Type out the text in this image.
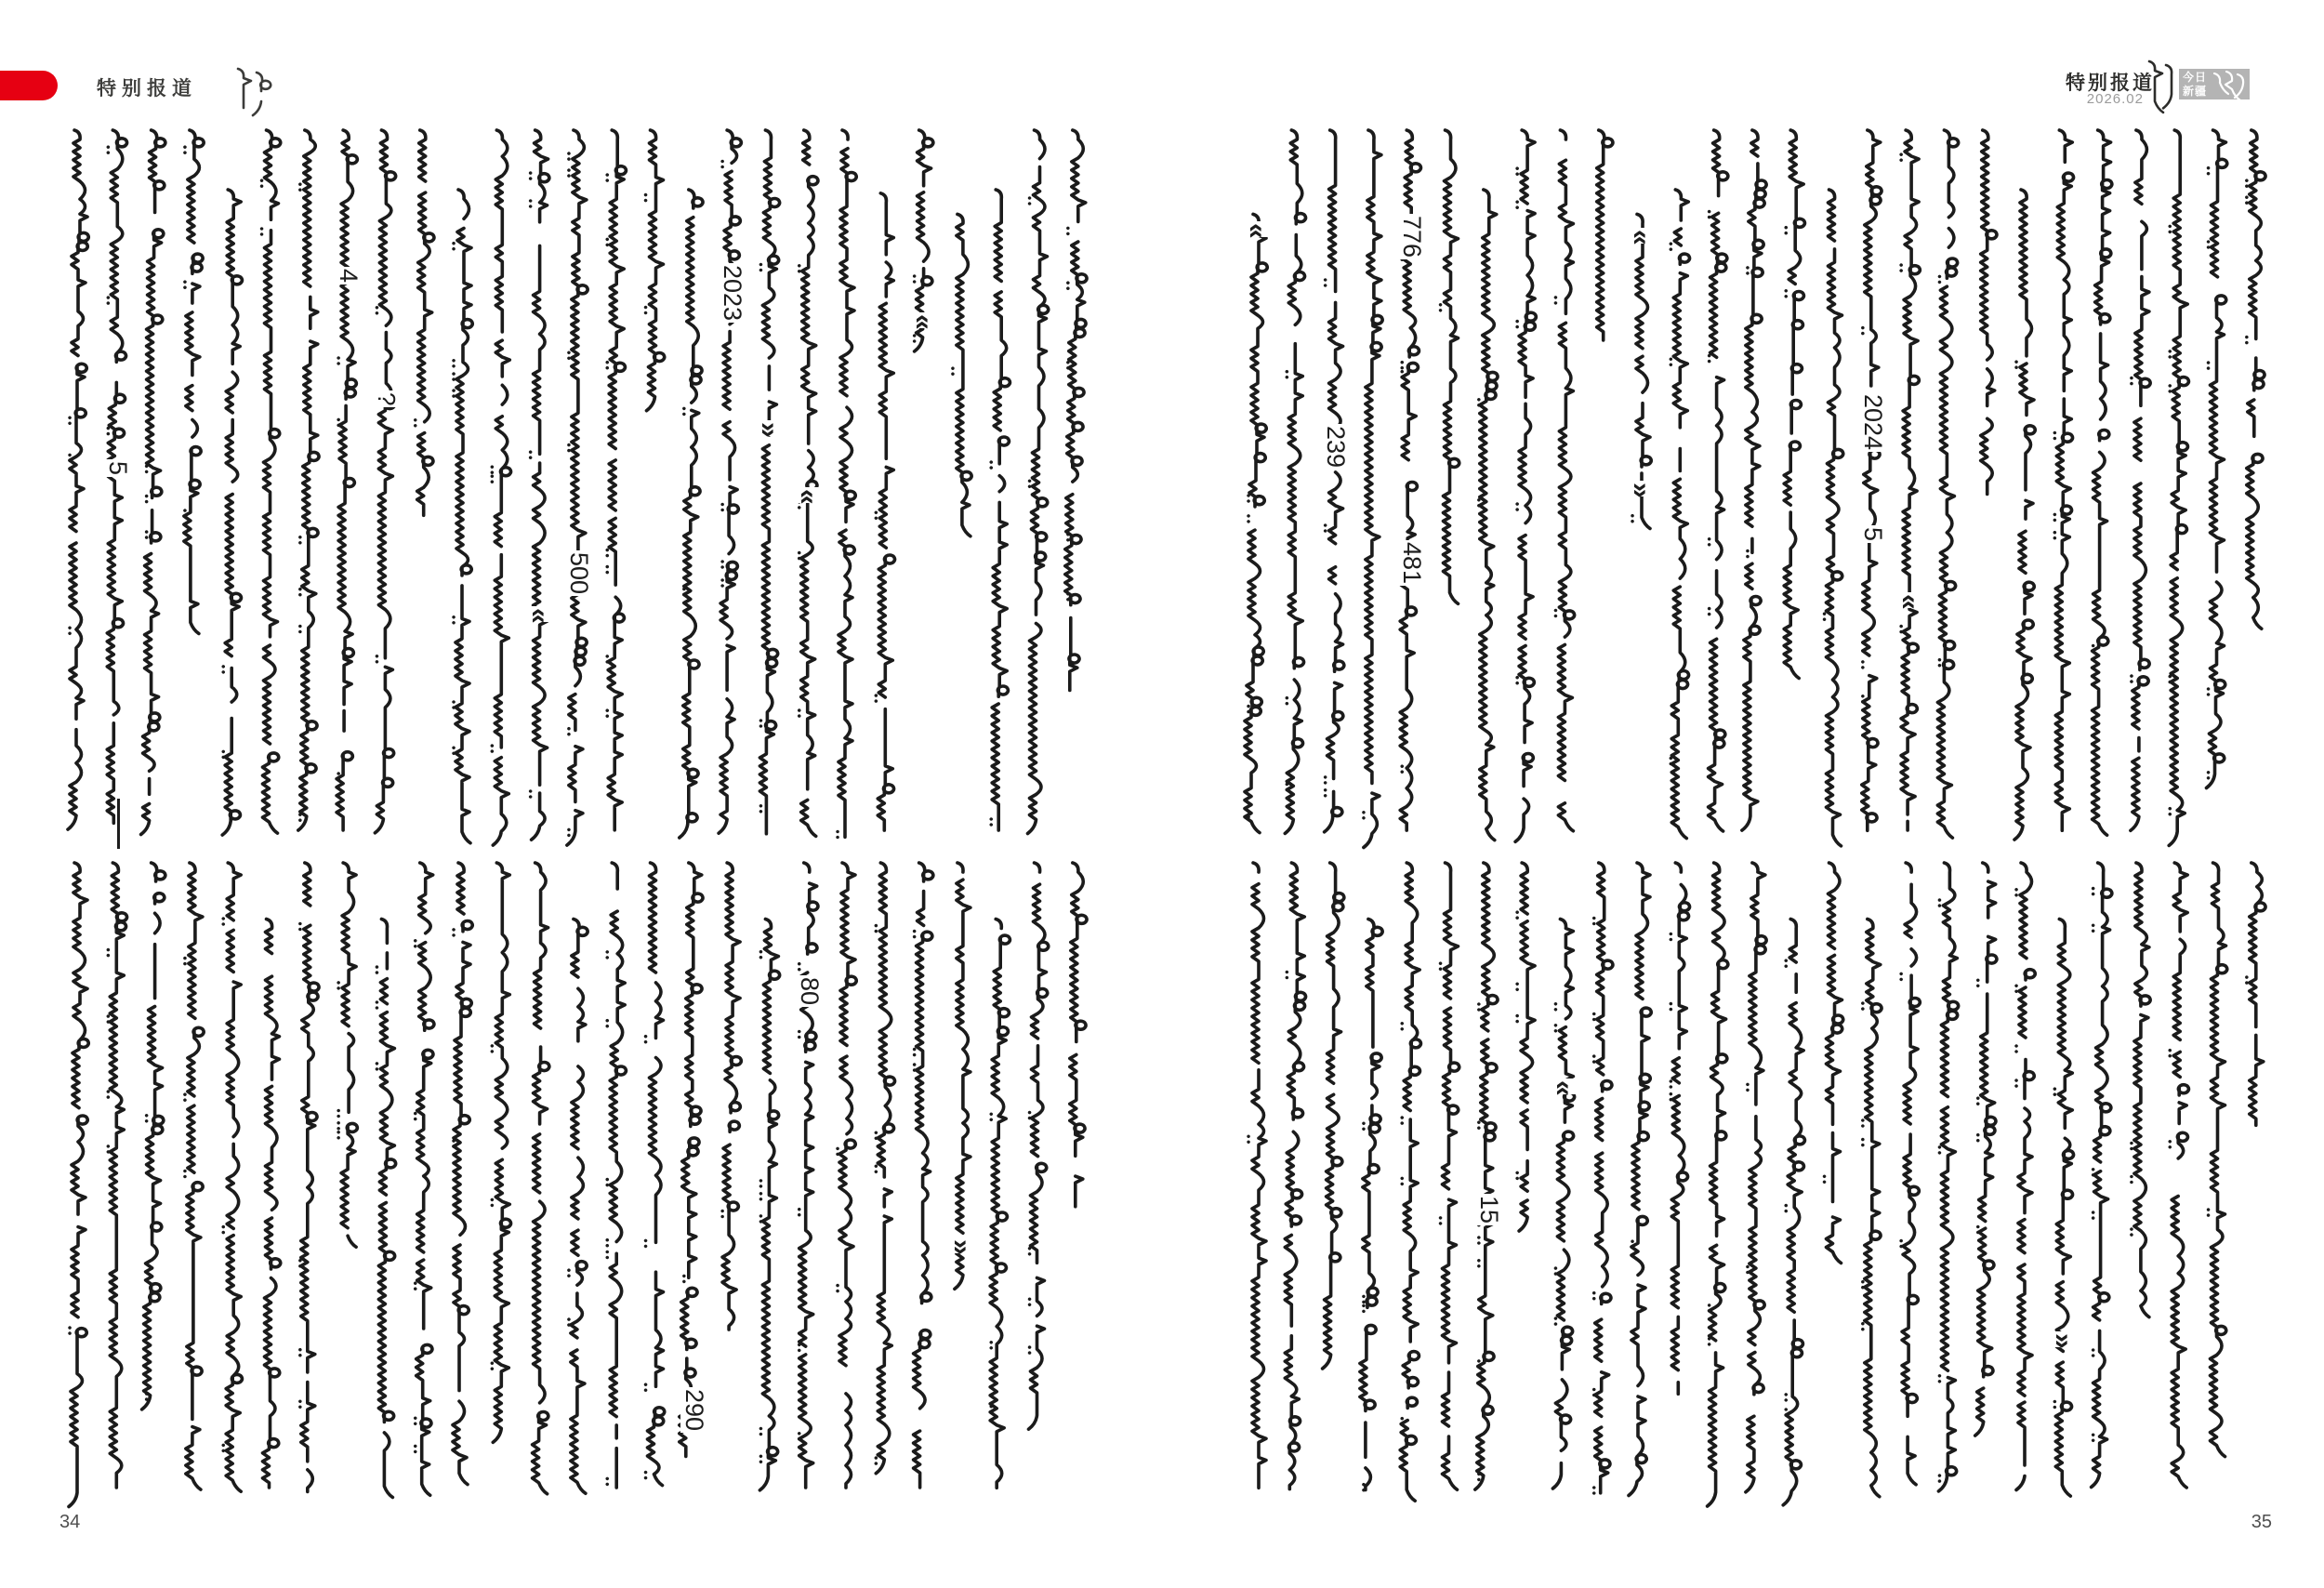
特别报道	特别报道
2026.02
今日
新疆
34	35
5
4
?
«
500
2023
»
«
«
290
80
»
«
239
776
481
«
»
2024
5
«
15
«
»
